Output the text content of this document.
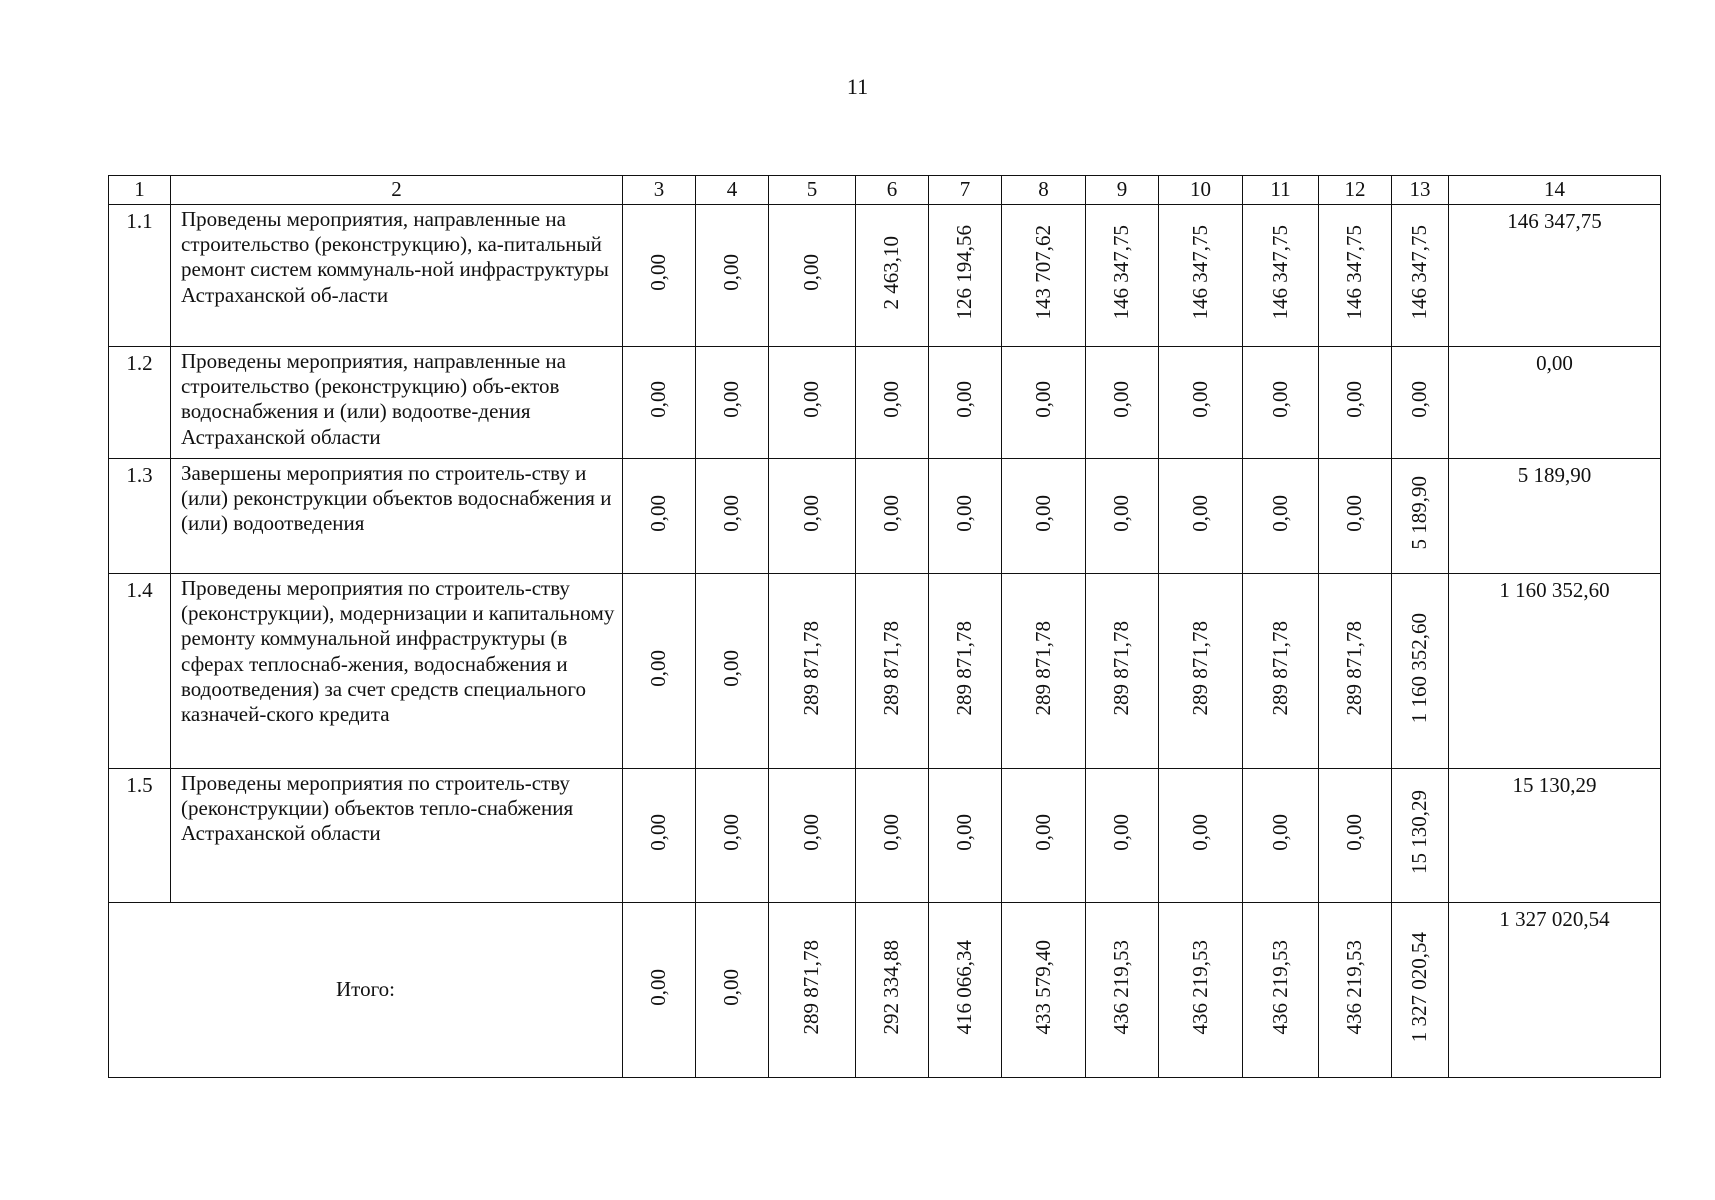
11
1	2	3	4	5	6	7	8	9	10	11	12	13	14
1.1	Проведены мероприятия, направленные на строительство (реконструкцию), ка-питальный ремонт систем коммуналь-ной инфраструктуры Астраханской об-ласти	0,00	0,00	0,00	2 463,10	126 194,56	143 707,62	146 347,75	146 347,75	146 347,75	146 347,75	146 347,75	146 347,75
1.2	Проведены мероприятия, направленные на строительство (реконструкцию) объ-ектов водоснабжения и (или) водоотве-дения Астраханской области	0,00	0,00	0,00	0,00	0,00	0,00	0,00	0,00	0,00	0,00	0,00	0,00
1.3	Завершены мероприятия по строитель-ству и (или) реконструкции объектов водоснабжения и (или) водоотведения	0,00	0,00	0,00	0,00	0,00	0,00	0,00	0,00	0,00	0,00	5 189,90	5 189,90
1.4	Проведены мероприятия по строитель-ству (реконструкции), модернизации и капитальному ремонту коммунальной инфраструктуры (в сферах теплоснаб-жения, водоснабжения и водоотведения) за счет средств специального казначей-ского кредита	0,00	0,00	289 871,78	289 871,78	289 871,78	289 871,78	289 871,78	289 871,78	289 871,78	289 871,78	1 160 352,60	1 160 352,60
1.5	Проведены мероприятия по строитель-ству (реконструкции) объектов тепло-снабжения Астраханской области	0,00	0,00	0,00	0,00	0,00	0,00	0,00	0,00	0,00	0,00	15 130,29	15 130,29
Итого:		0,00	0,00	289 871,78	292 334,88	416 066,34	433 579,40	436 219,53	436 219,53	436 219,53	436 219,53	1 327 020,54	1 327 020,54
